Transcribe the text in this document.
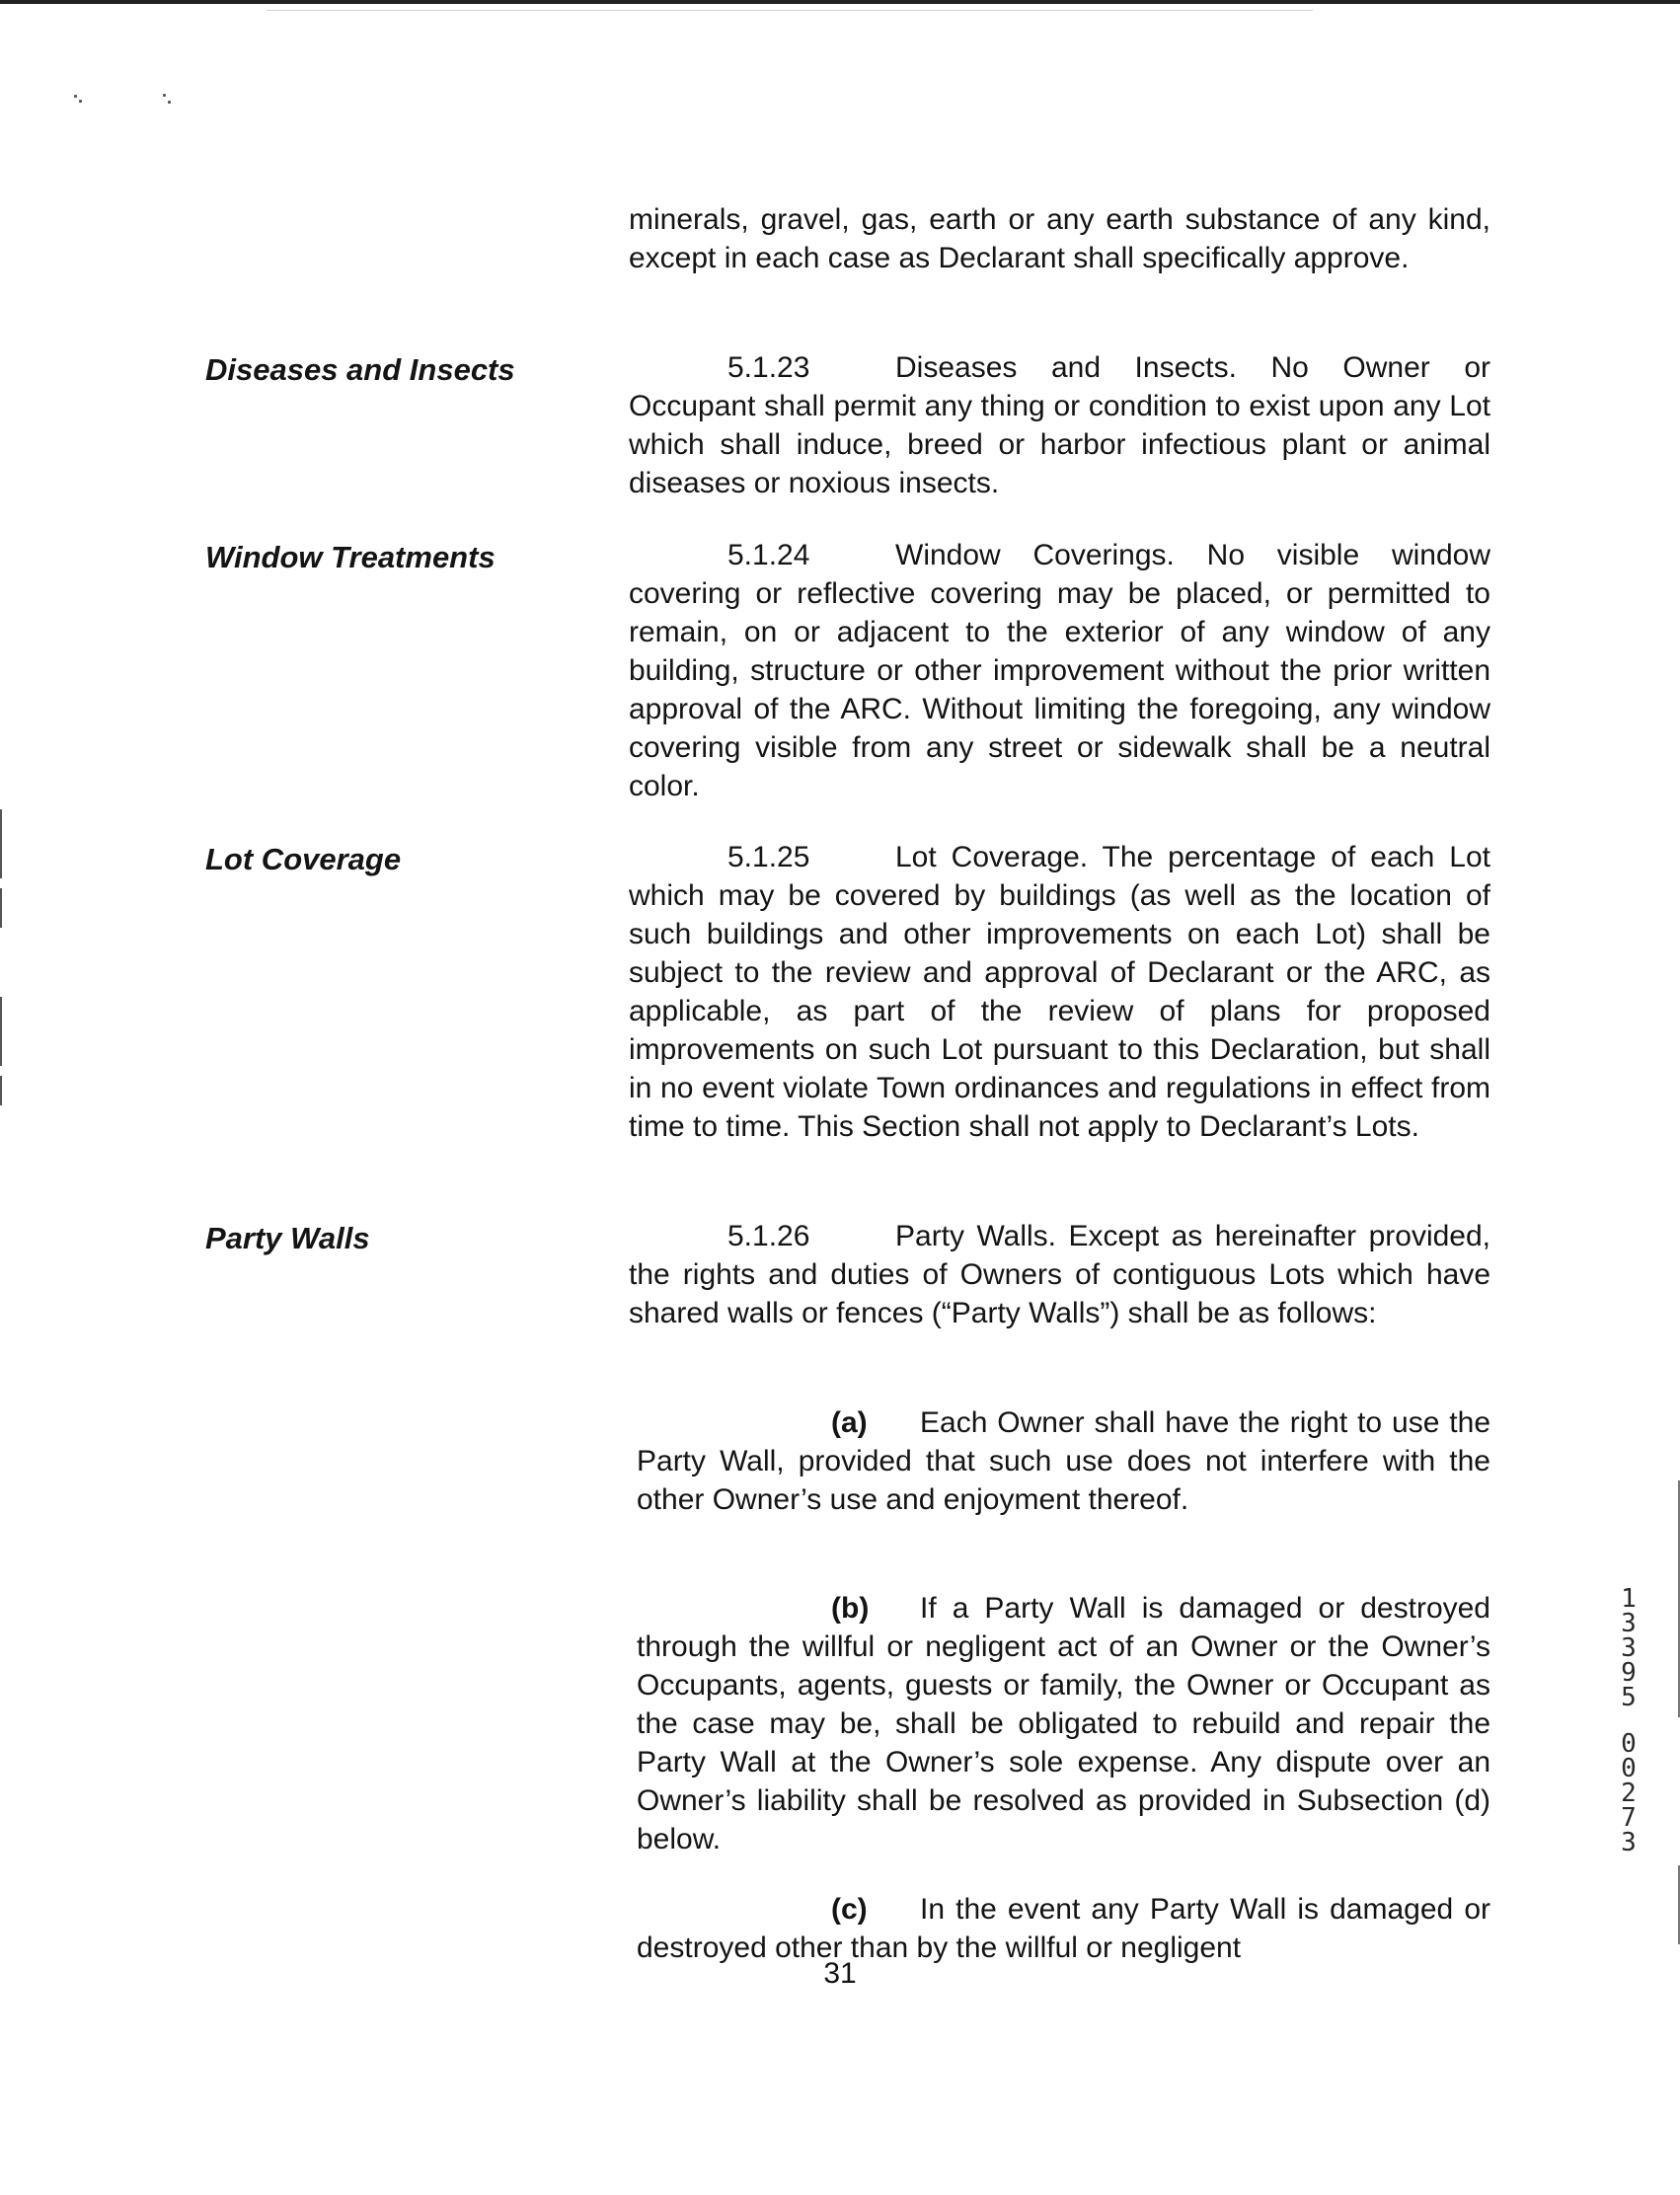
minerals, gravel, gas, earth or any earth substance of any kind, except in each case as Declarant shall specifically approve.
Diseases and Insects	5.1.23	Diseases and Insects. No Owner or Occupant shall permit any thing or condition to exist upon any Lot which shall induce, breed or harbor infectious plant or animal diseases or noxious insects.
Window Treatments	5.1.24	Window Coverings. No visible window covering or reflective covering may be placed, or permitted to remain, on or adjacent to the exterior of any window of any building, structure or other improvement without the prior written approval of the ARC. Without limiting the foregoing, any window covering visible from any street or sidewalk shall be a neutral color.
Lot Coverage	5.1.25	Lot Coverage. The percentage of each Lot which may be covered by buildings (as well as the location of such buildings and other improvements on each Lot) shall be subject to the review and approval of Declarant or the ARC, as applicable, as part of the review of plans for proposed improvements on such Lot pursuant to this Declaration, but shall in no event violate Town ordinances and regulations in effect from time to time. This Section shall not apply to Declarant’s Lots.
Party Walls	5.1.26	Party Walls. Except as hereinafter provided, the rights and duties of Owners of contiguous Lots which have shared walls or fences (“Party Walls”) shall be as follows:
(a) Each Owner shall have the right to use the Party Wall, provided that such use does not interfere with the other Owner’s use and enjoyment thereof.
(b) If a Party Wall is damaged or destroyed through the willful or negligent act of an Owner or the Owner’s Occupants, agents, guests or family, the Owner or Occupant as the case may be, shall be obligated to rebuild and repair the Party Wall at the Owner’s sole expense. Any dispute over an Owner’s liability shall be resolved as provided in Subsection (d) below.
(c) In the event any Party Wall is damaged or destroyed other than by the willful or negligent
31
1
3
3
9
5
0
0
2
7
3
